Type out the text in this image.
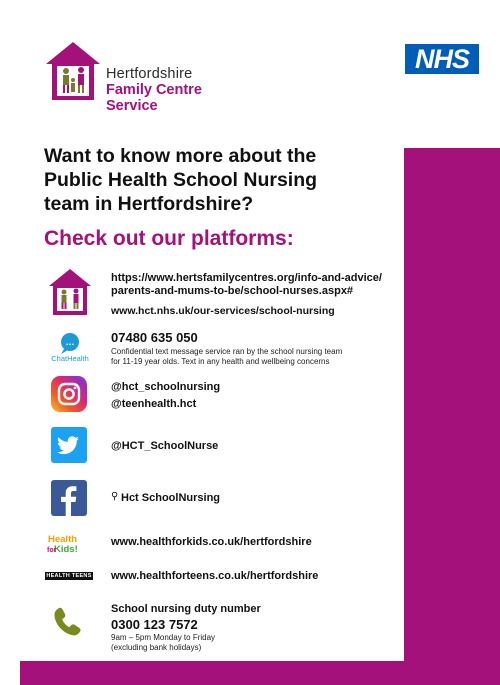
Hertfordshire
Family Centre
Service
NHS
Want to know more about the
Public Health School Nursing
team in Hertfordshire?
Check out our platforms:
https://www.hertsfamilycentres.org/info-and-advice/
parents-and-mums-to-be/school-nurses.aspx#
www.hct.nhs.uk/our-services/school-nursing
…
ChatHealth
07480 635 050
Confidential text message service ran by the school nursing team
for 11-19 year olds. Text in any health and wellbeing concerns
@hct_schoolnursing
@teenhealth.hct
@HCT_SchoolNurse
⚲ Hct SchoolNursing
Health
Kids!
for
www.healthforkids.co.uk/hertfordshire
HEALTH TEENS www.healthforteens.co.uk/hertfordshire
School nursing duty number
0300 123 7572
9am – 5pm Monday to Friday
(excluding bank holidays)
